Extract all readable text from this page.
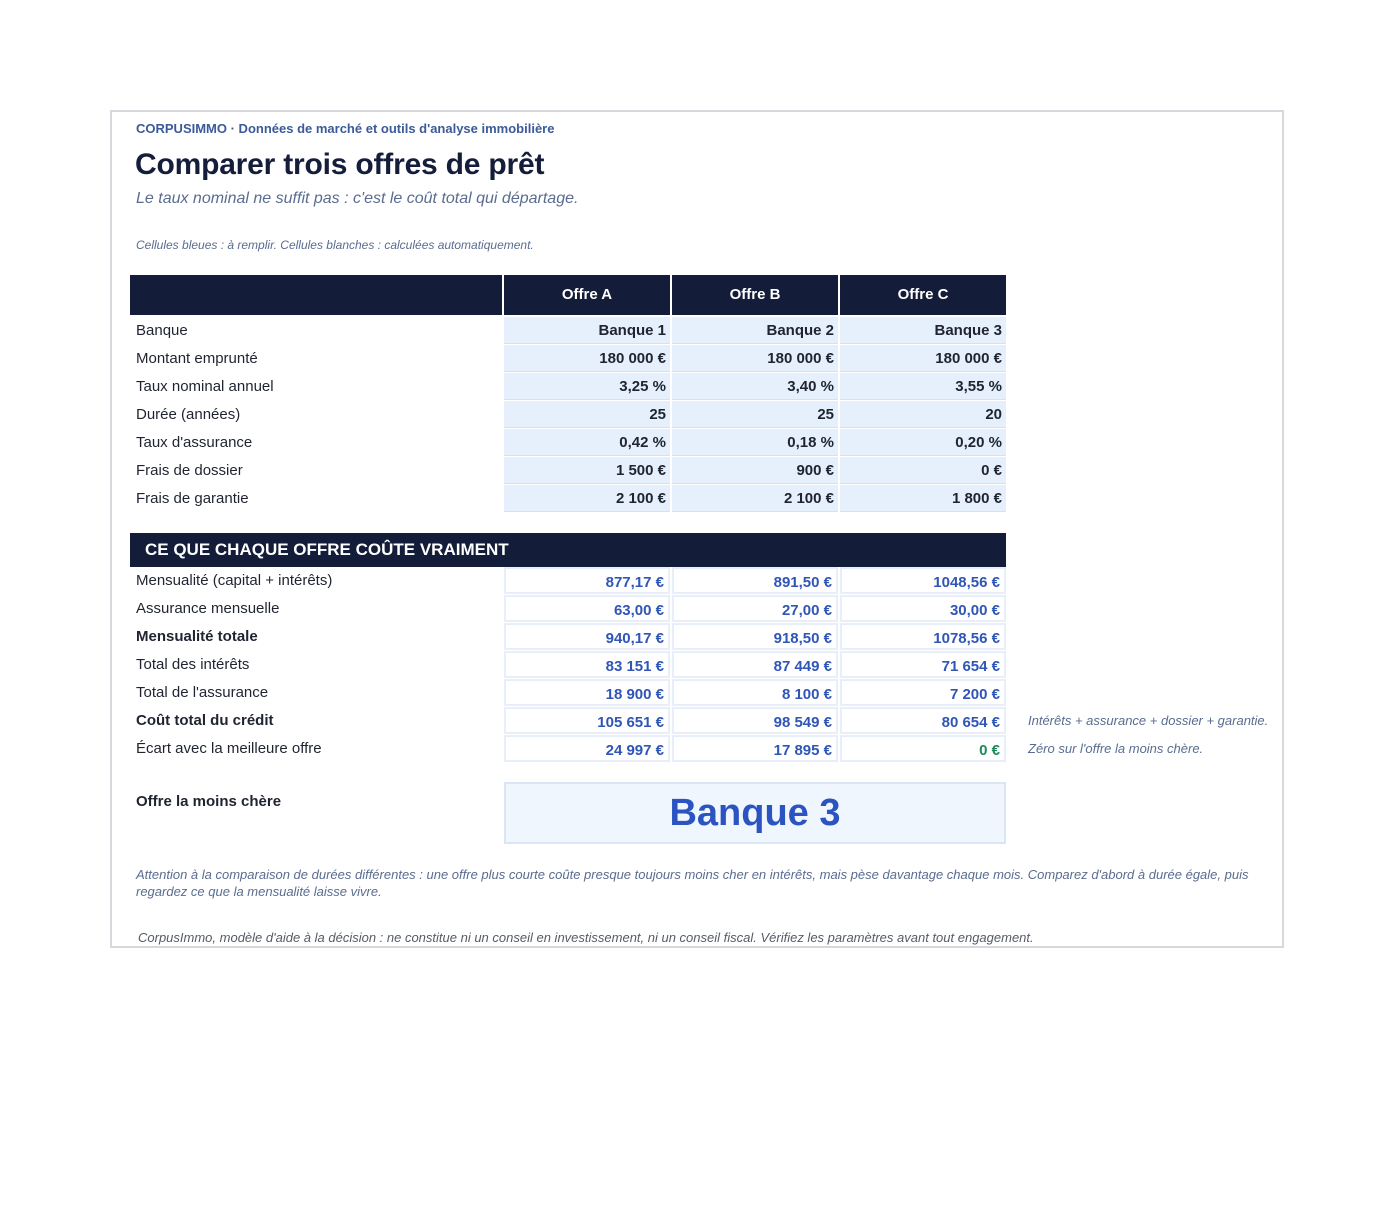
CORPUSIMMO · Données de marché et outils d'analyse immobilière
Comparer trois offres de prêt
Le taux nominal ne suffit pas : c'est le coût total qui départage.
Cellules bleues : à remplir. Cellules blanches : calculées automatiquement.
Offre A	Offre B	Offre C
Banque	Banque 1	Banque 2	Banque 3
Montant emprunté	180 000 €	180 000 €	180 000 €
Taux nominal annuel	3,25 %	3,40 %	3,55 %
Durée (années)	25	25	20
Taux d'assurance	0,42 %	0,18 %	0,20 %
Frais de dossier	1 500 €	900 €	0 €
Frais de garantie	2 100 €	2 100 €	1 800 €
CE QUE CHAQUE OFFRE COÛTE VRAIMENT
Mensualité (capital + intérêts)	877,17 €	891,50 €	1048,56 €
Assurance mensuelle	63,00 €	27,00 €	30,00 €
Mensualité totale	940,17 €	918,50 €	1078,56 €
Total des intérêts	83 151 €	87 449 €	71 654 €
Total de l'assurance	18 900 €	8 100 €	7 200 €
Coût total du crédit	105 651 €	98 549 €	80 654 € Intérêts + assurance + dossier + garantie.
Écart avec la meilleure offre	24 997 €	17 895 €	0 € Zéro sur l'offre la moins chère.
Offre la moins chère	Banque 3
Attention à la comparaison de durées différentes : une offre plus courte coûte presque toujours moins cher en intérêts, mais pèse davantage chaque mois. Comparez d'abord à durée égale, puis regardez ce que la mensualité laisse vivre.
CorpusImmo, modèle d'aide à la décision : ne constitue ni un conseil en investissement, ni un conseil fiscal. Vérifiez les paramètres avant tout engagement.
